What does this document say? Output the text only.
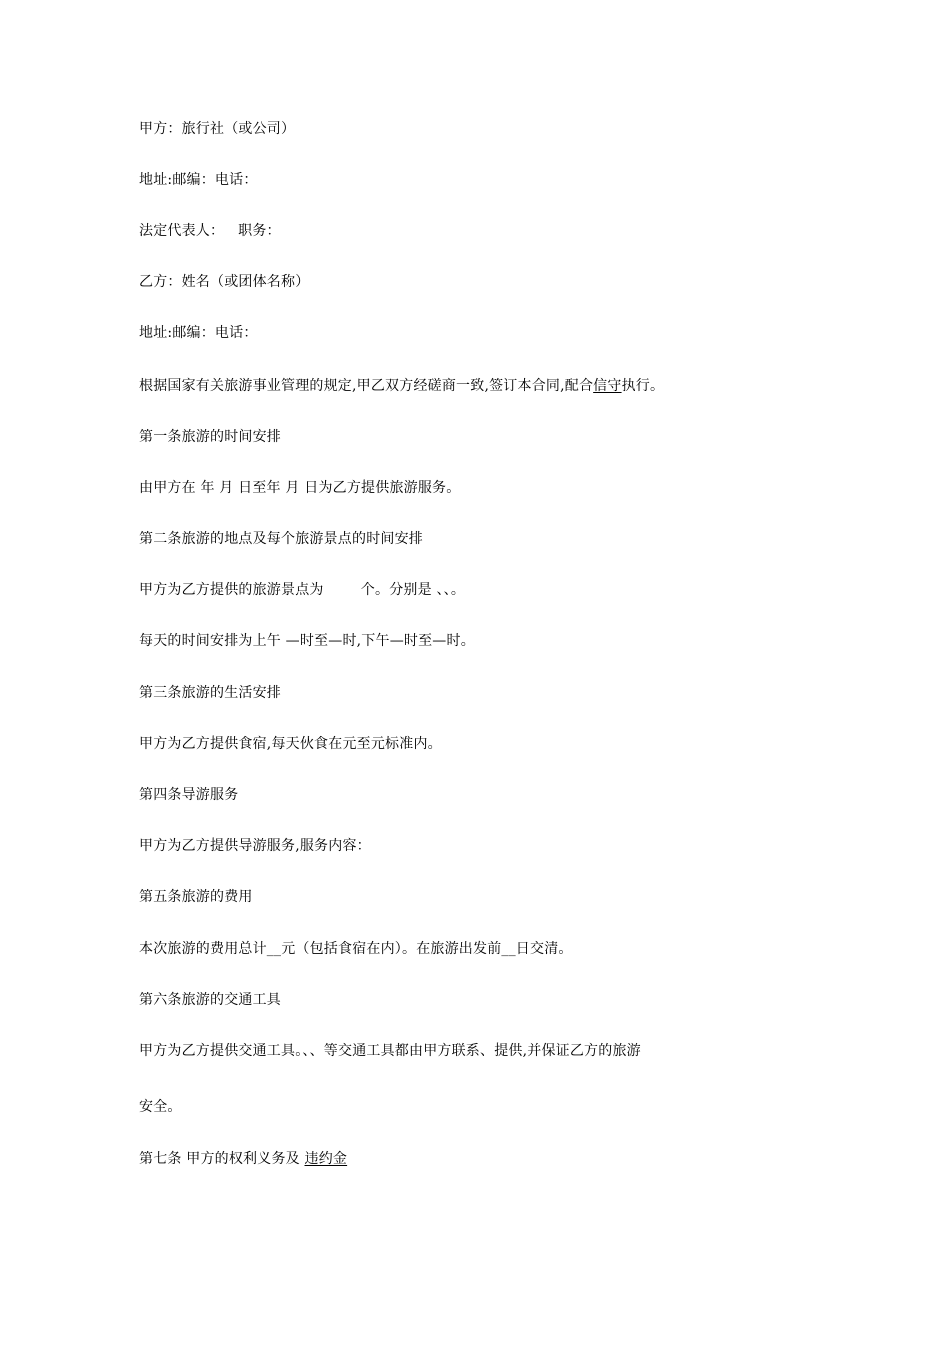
甲方：旅行社（或公司）
地址:邮编：电话：
法定代表人：   职务：
乙方：姓名（或团体名称）
地址:邮编：电话：
根据国家有关旅游事业管理的规定,甲乙双方经磋商一致,签订本合同,配合信守执行。
第一条旅游的时间安排
由甲方在 年 月 日至年 月 日为乙方提供旅游服务。
第二条旅游的地点及每个旅游景点的时间安排
甲方为乙方提供的旅游景点为        个。分别是 、、。
每天的时间安排为上午 —时至—时,下午—时至—时。
第三条旅游的生活安排
甲方为乙方提供食宿,每天伙食在元至元标准内。
第四条导游服务
甲方为乙方提供导游服务,服务内容：
第五条旅游的费用
本次旅游的费用总计__元（包括食宿在内）。在旅游出发前__日交清。
第六条旅游的交通工具
甲方为乙方提供交通工具。、、等交通工具都由甲方联系、提供,并保证乙方的旅游
安全。
第七条 甲方的权利义务及 违约金
